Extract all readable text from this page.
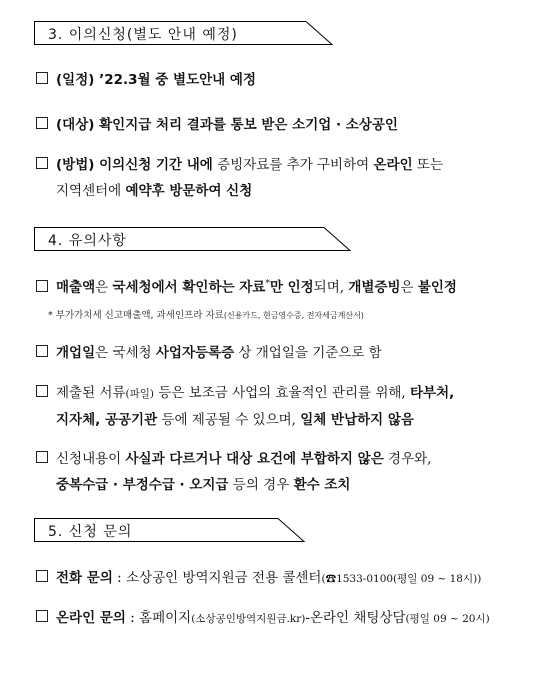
3. 이의신청(별도 안내 예정)
(일정) ’22.3월 중 별도안내 예정
(대상) 확인지급 처리 결과를 통보 받은 소기업 · 소상공인
(방법) 이의신청 기간 내에 증빙자료를 추가 구비하여 온라인 또는
지역센터에 예약후 방문하여 신청
4. 유의사항
매출액은 국세청에서 확인하는 자료*만 인정되며, 개별증빙은 불인정
* 부가가치세 신고매출액, 과세인프라 자료(신용카드, 현금영수증, 전자세금계산서)
개업일은 국세청 사업자등록증 상 개업일을 기준으로 함
제출된 서류(파일) 등은 보조금 사업의 효율적인 관리를 위해, 타부처,
지자체, 공공기관 등에 제공될 수 있으며, 일체 반납하지 않음
신청내용이 사실과 다르거나 대상 요건에 부합하지 않은 경우와,
중복수급 · 부정수급 · 오지급 등의 경우 환수 조치
5. 신청 문의
전화 문의 : 소상공인 방역지원금 전용 콜센터(☎1533-0100(평일 09 ~ 18시))
온라인 문의 : 홈페이지(소상공인방역지원금.kr)-온라인 채팅상담(평일 09 ~ 20시)
